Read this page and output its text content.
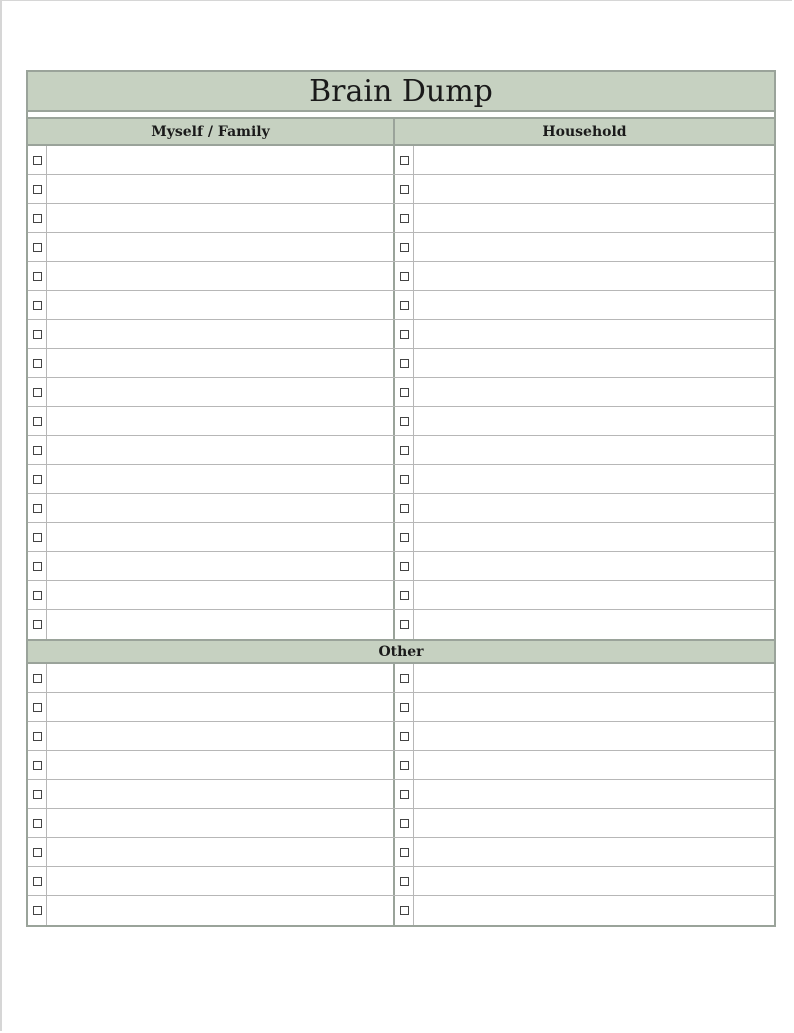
Brain Dump
Myself / Family	Household
Other
